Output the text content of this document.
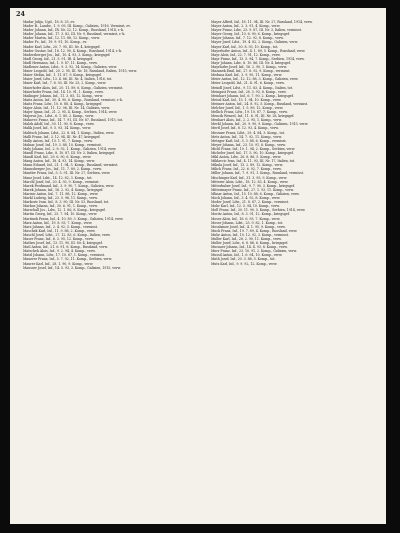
24
Madar Julija, Ugd., 18. 8. 25, ev.
Mader B., Landw., 1. 9. 09, III. Komp., Galizien, 1916. Vermisst, ev.
Mader Johann, Inf., IR. Nr. 32, 12. Komp., Russland, 1914, r.-k.
Mader Johann, Inf., 17. 3. 82, III. Nr. 9, Russland, vermisst, r.-k.
Mader Martin, Inf., 12. 11. 88, 12. Komp., verw.
Mader Fr., Inf., 19. 9. 91, 10. Komp., ev.
Mader Karl, Ldw., 20. 7. 95, III. Nr. 4, kriegsgef.
Mader Gustav, Inf., 18. 12. 90, 4. Komp., Russland, 1914, r.-k.
Madersberger Jos., Inf., 10. 4. 93, 3. Komp., kriegsgef.
Madl Georg, Inf., 21. 5. 91, IR. 4, kriegsgef.
Madl Hermann, Inf., 1. 9. 87, 11. Komp., verw.
Madlener Anton, Ldst., 9. 3. 92, 14. Komp., Galizien, verw.
Maier Leopold, Inf., 20. 2. 95, III. Nr. 18, Russland, Italien, 1915, verw.
Maier Stefan, Inf., 1. 11. 87, 9. Komp., kriegsgef.
Maier Josef, Ldw., 13. 4. 86, III. Nr. 4, Italien, 1916, tot.
Maier Karl, Inf., 7. 8. 93, III. Nr. 25, 2. Komp., verw.
Maierhofer Alois, Inf., 20. 11. 89, 6. Komp., Galizien, vermisst.
Maierhofer Franz, Inf., 14. 10. 91, 1. Komp., verw.
Mailinger Johann, Inf., 11. 3. 85, 12. Komp., verw.
Maitz Anton, Inf., 30. 4. 90, 6. Komp., Russland, vermisst, r.-k.
Maitz Franz, Ldw., 10. 6. 88, 4. Komp., kriegsgef.
Majer Alois, Inf., 11. 12. 96, III. Nr. 14, Galizien, verw.
Majer Ignaz, Inf., 21. 2. 95, 4. Komp., Serbien, 1914, verw.
Majerus Jos., Ldst., 6. 1. 80, 2. Komp., verw.
Makovec Franz, Inf., 14. 7. 91, III. Nr. 87, Russland, 1915, tot.
Malek Adolf, Inf., 30. 11. 90, 8. Komp., verw.
Malik Josef, Inf., 9. 5. 93, 14. Komp., verw.
Malitsch Johann, Ldst., 22. 8. 84, 1. Komp., Italien, verw.
Malli Franz, Inf., 3. 12. 94, III. Nr. 47, kriegsgef.
Mally Anton, Inf., 15. 1. 91, 7. Komp., verw.
Malnar Josef, Inf., 19. 3. 88, 10. Komp., vermisst.
Maly Johann, Inf., 2. 8. 92, 1. Komp., Galizien, 1914, verw.
Mandl Franz, Ldw., 8. 10. 87, III. Nr. 3, Italien, kriegsgef.
Mandl Karl, Inf., 29. 6. 90, 6. Komp., verw.
Mang Anton, Inf., 18. 4. 93, 14. Komp., verw.
Mann Eduard, Inf., 21. 1. 94, 5. Komp., Russland, vermisst.
Mannsberger Jos., Inf., 11. 7. 89, 2. Komp., verw.
Mantler Franz, Inf., 5. 5. 91, III. Nr. 27, Serbien, verw.
Manz Josef, Ldst., 14. 12. 82, 3. Komp., tot.
Marchl Josef, Inf., 20. 4. 93, 9. Komp., vermisst.
Marek Ferdinand, Inf., 3. 9. 90, 7. Komp., Galizien, verw.
Marek Johann, Inf., 16. 2. 92, 4. Komp., kriegsgef.
Marinic Anton, Inf., 7. 11. 88, 12. Komp., verw.
Markl Ludwig, Inf., 23. 5. 96, 11. Komp., verw.
Markovic Ivan, Inf., 8. 3. 90, III. Nr. 53, Russland, tot.
Markus Johann, Inf., 30. 6. 91, 1. Komp., verw.
Marschall Jos., Ldw., 12. 1. 86, 8. Komp., kriegsgef.
Martin Georg, Inf., 25. 7. 94, 10. Komp., verw.
Martinek Franz, Inf., 4. 10. 89, 3. Komp., Galizien, 1914, verw.
Marx Anton, Inf., 19. 8. 93, 7. Komp., verw.
Marz Johann, Inf., 2. 4. 92, 5. Komp., vermisst.
Maschek Karl, Inf., 11. 9. 88, 2. Komp., verw.
Maschl Josef, Ldst., 27. 12. 83, 6. Komp., Italien, verw.
Maser Franz, Inf., 6. 3. 95, 12. Komp., verw.
Mathes Josef, Inf., 13. 11. 90, III. Nr. 4, kriegsgef.
Matl Anton, Inf., 21. 6. 91, 8. Komp., Russland, verw.
Matschek Alois, Inf., 9. 2. 94, 4. Komp., verw.
Matzl Johann, Ldw., 17. 10. 87, 1. Komp., vermisst.
Mauerer Franz, Inf., 5. 7. 92, 11. Komp., Serbien, verw.
Maurer Karl, Inf., 28. 1. 90, 9. Komp., verw.
Mausser Josef, Inf., 14. 5. 93, 3. Komp., Galizien, 1915, verw.
Mayer Alfred, Inf., 18. 11. 94, III. Nr. 27, Russland, 1914, verw.
Mayer Anton, Inf., 2. 3. 91, 4. Komp., verw.
Mayer Franz, Ldw., 25. 9. 87, III. Nr. 3, Italien, vermisst.
Mayer Georg, Inf., 10. 6. 90, 6. Komp., kriegsgef.
Mayer Johann, Inf., 7. 12. 92, 8. Komp., verw.
Mayer Josef, Ldst., 19. 4. 82, 2. Komp., Galizien, verw.
Mayer Karl, Inf., 30. 8. 93, 10. Komp., tot.
Mayerhofer Anton, Inf., 4. 1. 89, 5. Komp., Russland, verw.
Mayr Alois, Inf., 22. 7. 91, 12. Komp., verw.
Mayr Franz, Inf., 13. 5. 94, 7. Komp., Serbien, 1914, verw.
Mayr Johann, Ldw., 8. 10. 86, III. Nr. 4, kriegsgef.
Mayrhofer Josef, Inf., 16. 2. 90, 1. Komp., verw.
Mazanek Emil, Inf., 27. 6. 92, 9. Komp., vermisst.
Meduna Karl, Inf., 3. 9. 95, 11. Komp., verw.
Meier Anton, Inf., 12. 12. 88, 3. Komp., Galizien, verw.
Meier Leopold, Inf., 21. 4. 91, 6. Komp., verw.
Meindl Josef, Ldst., 9. 11. 83, 4. Komp., Italien, tot.
Meingast Franz, Inf., 28. 3. 93, 8. Komp., verw.
Meinhart Johann, Inf., 6. 7. 90, 2. Komp., kriegsgef.
Meissl Karl, Inf., 15. 1. 94, 10. Komp., verw.
Meixner Anton, Inf., 24. 8. 92, 5. Komp., Russland, vermisst.
Melcher Josef, Inf., 1. 5. 89, 12. Komp., verw.
Mellich Franz, Ldw., 19. 10. 87, 7. Komp., verw.
Mencik Wenzel, Inf., 11. 6. 91, III. Nr. 28, kriegsgef.
Menhart Alois, Inf., 2. 2. 95, 1. Komp., verw.
Merkl Johann, Inf., 20. 9. 90, 9. Komp., Galizien, 1915, verw.
Mertl Josef, Inf., 8. 12. 93, 4. Komp., verw.
Messner Franz, Ldst., 29. 4. 84, 3. Komp., tot.
Metz Anton, Inf., 14. 7. 92, 11. Komp., verw.
Metzger Karl, Inf., 5. 3. 88, 6. Komp., vermisst.
Meyer Johann, Inf., 23. 10. 91, 8. Komp., verw.
Michl Franz, Inf., 10. 1. 94, 2. Komp., Serbien, verw.
Micheler Josef, Inf., 17. 5. 90, 10. Komp., kriegsgef.
Mikl Anton, Ldw., 26. 8. 86, 5. Komp., verw.
Miklavcic Ivan, Inf., 4. 11. 93, III. Nr. 17, Italien, tot.
Mikula Josef, Inf., 13. 2. 89, 12. Komp., verw.
Milich Franz, Inf., 22. 6. 92, 7. Komp., verw.
Miller Johann, Inf., 7. 9. 91, 1. Komp., Russland, vermisst.
Mischinger Karl, Inf., 31. 3. 95, 9. Komp., verw.
Mitterer Alois, Ldst., 18. 12. 83, 4. Komp., verw.
Mitterhuber Josef, Inf., 9. 7. 90, 3. Komp., kriegsgef.
Mittermayer Franz, Inf., 27. 1. 93, 11. Komp., verw.
Mlinar Anton, Inf., 15. 10. 88, 6. Komp., Galizien, verw.
Mock Johann, Inf., 3. 4. 92, 8. Komp., verw.
Moder Josef, Ldw., 21. 8. 87, 2. Komp., vermisst.
Mohr Karl, Inf., 12. 5. 94, 10. Komp., verw.
Moll Franz, Inf., 30. 11. 90, 5. Komp., Serbien, 1914, verw.
Moritz Anton, Inf., 8. 3. 91, 12. Komp., kriegsgef.
Moser Alois, Inf., 16. 6. 93, 7. Komp., verw.
Moser Johann, Ldst., 25. 9. 82, 1. Komp., tot.
Mossbauer Josef, Inf., 4. 1. 95, 9. Komp., verw.
Muck Franz, Inf., 19. 7. 89, 4. Komp., Russland, verw.
Muhr Anton, Inf., 10. 12. 92, 3. Komp., vermisst.
Muller Karl, Inf., 28. 2. 90, 11. Komp., verw.
Muller Josef, Ldw., 6. 8. 86, 6. Komp., kriegsgef.
Murauer Johann, Inf., 14. 4. 93, 8. Komp., verw.
Murr Franz, Inf., 23. 10. 91, 2. Komp., Galizien, verw.
Mussil Anton, Inf., 1. 6. 94, 10. Komp., verw.
Muth Josef, Inf., 20. 3. 88, 5. Komp., tot.
Mutz Karl, Inf., 9. 9. 92, 12. Komp., verw.
